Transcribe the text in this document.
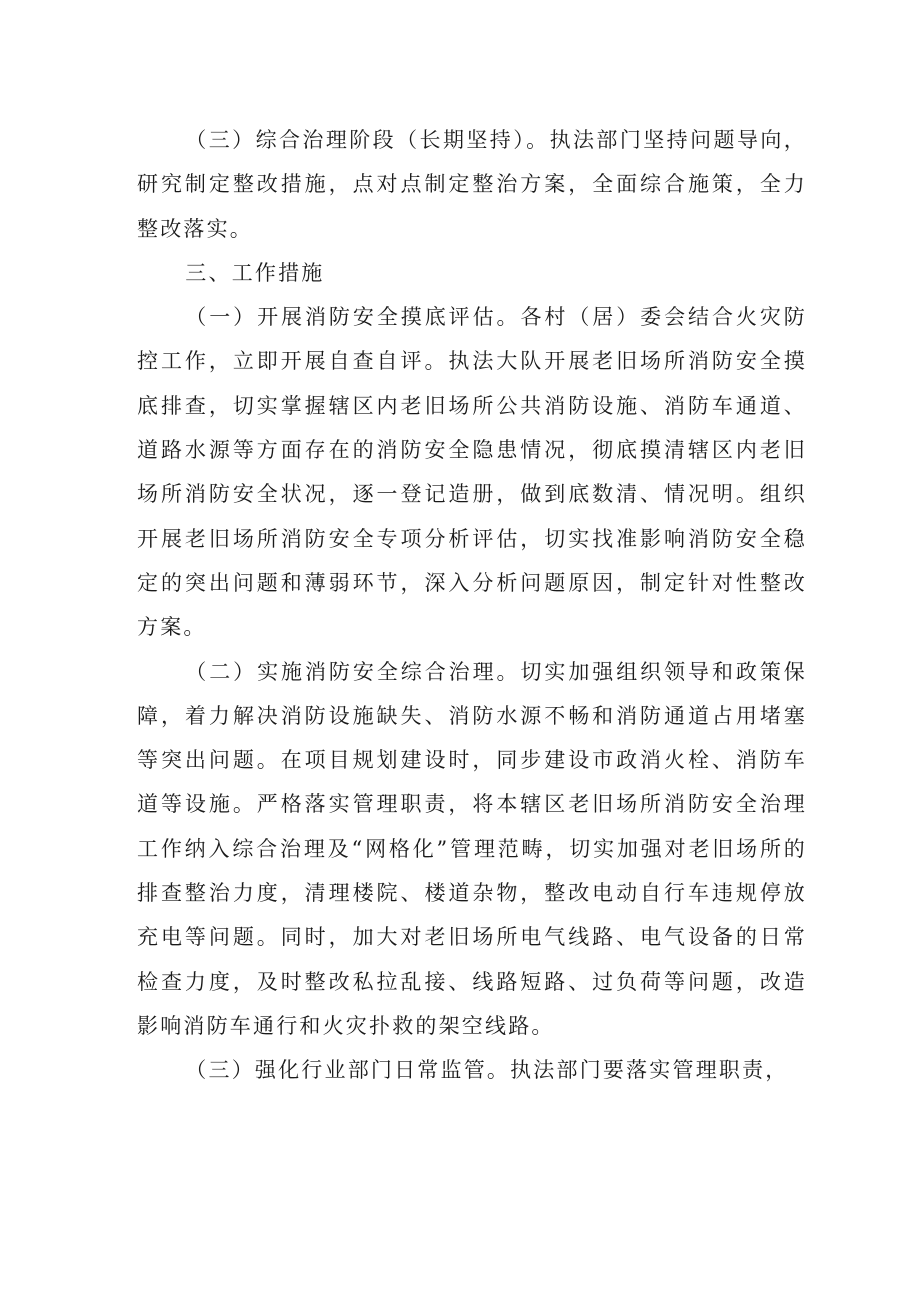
（三）综合治理阶段（长期坚持）。执法部门坚持问题导向，研究制定整改措施，点对点制定整治方案，全面综合施策，全力整改落实。

三、工作措施

（一）开展消防安全摸底评估。各村（居）委会结合火灾防控工作，立即开展自查自评。执法大队开展老旧场所消防安全摸底排查，切实掌握辖区内老旧场所公共消防设施、消防车通道、道路水源等方面存在的消防安全隐患情况，彻底摸清辖区内老旧场所消防安全状况，逐一登记造册，做到底数清、情况明。组织开展老旧场所消防安全专项分析评估，切实找准影响消防安全稳定的突出问题和薄弱环节，深入分析问题原因，制定针对性整改方案。

（二）实施消防安全综合治理。切实加强组织领导和政策保障，着力解决消防设施缺失、消防水源不畅和消防通道占用堵塞等突出问题。在项目规划建设时，同步建设市政消火栓、消防车道等设施。严格落实管理职责，将本辖区老旧场所消防安全治理工作纳入综合治理及“网格化”管理范畴，切实加强对老旧场所的排查整治力度，清理楼院、楼道杂物，整改电动自行车违规停放充电等问题。同时，加大对老旧场所电气线路、电气设备的日常检查力度，及时整改私拉乱接、线路短路、过负荷等问题，改造影响消防车通行和火灾扑救的架空线路。

（三）强化行业部门日常监管。执法部门要落实管理职责，
